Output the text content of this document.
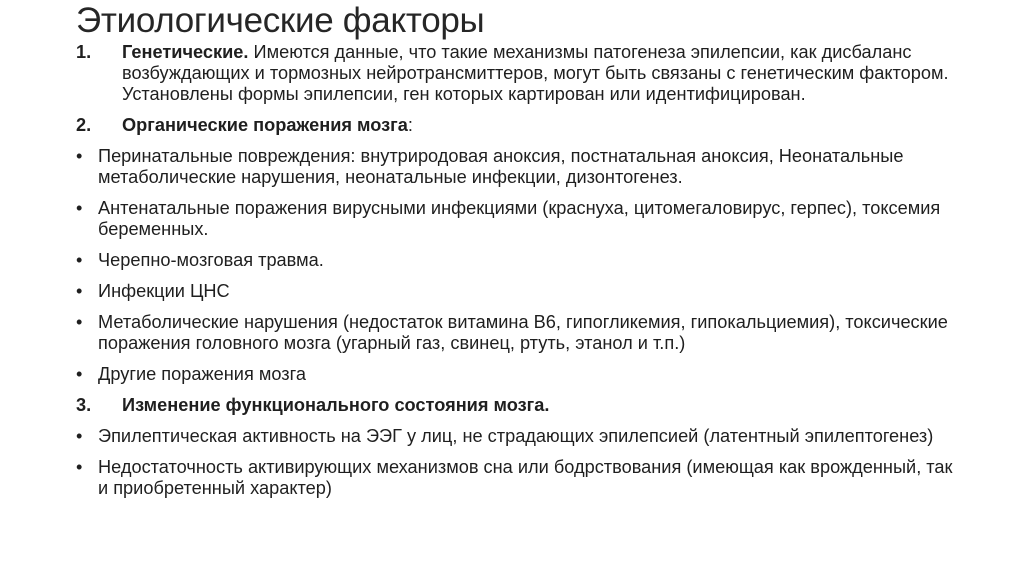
Этиологические факторы
1. Генетические. Имеются данные, что такие механизмы патогенеза эпилепсии, как дисбаланс возбуждающих и тормозных нейротрансмиттеров, могут быть связаны с генетическим фактором. Установлены формы эпилепсии, ген которых картирован или идентифицирован.
2. Органические поражения мозга:
• Перинатальные повреждения: внутриродовая аноксия, постнатальная аноксия, Неонатальные метаболические нарушения, неонатальные инфекции, дизонтогенез.
• Антенатальные поражения вирусными инфекциями (краснуха, цитомегаловирус, герпес), токсемия беременных.
• Черепно-мозговая травма.
• Инфекции ЦНС
• Метаболические нарушения (недостаток витамина В6, гипогликемия, гипокальциемия), токсические поражения головного мозга (угарный газ, свинец, ртуть, этанол и т.п.)
• Другие поражения мозга
3. Изменение функционального состояния мозга.
• Эпилептическая активность на ЭЭГ у лиц, не страдающих эпилепсией (латентный эпилептогенез)
• Недостаточность активирующих механизмов сна или бодрствования (имеющая как врожденный, так и приобретенный характер)
